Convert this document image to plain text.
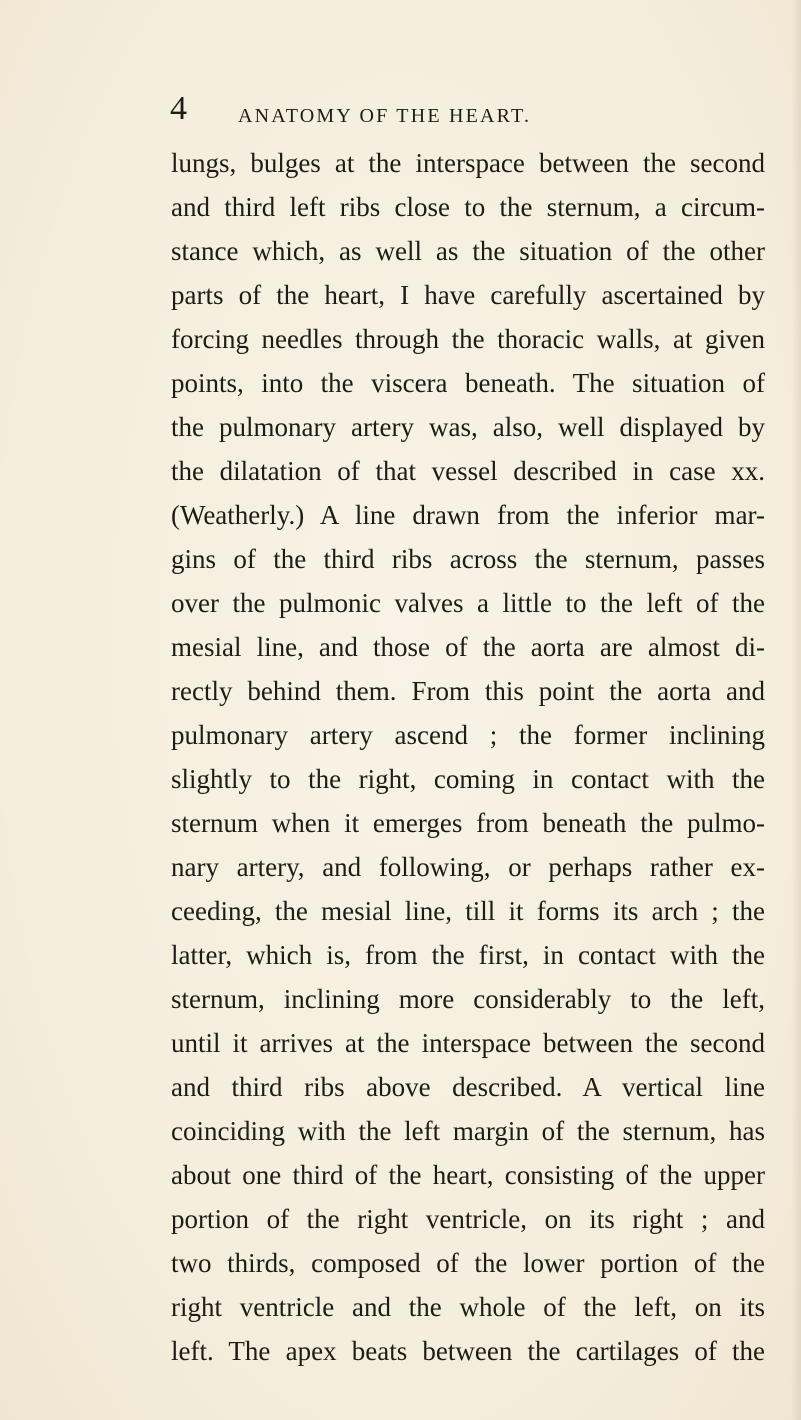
4	ANATOMY OF THE HEART.
lungs, bulges at the interspace between the second
and third left ribs close to the sternum, a circum-
stance which, as well as the situation of the other
parts of the heart, I have carefully ascertained by
forcing needles through the thoracic walls, at given
points, into the viscera beneath. The situation of
the pulmonary artery was, also, well displayed by
the dilatation of that vessel described in case xx.
(Weatherly.) A line drawn from the inferior mar-
gins of the third ribs across the sternum, passes
over the pulmonic valves a little to the left of the
mesial line, and those of the aorta are almost di-
rectly behind them. From this point the aorta and
pulmonary artery ascend ; the former inclining
slightly to the right, coming in contact with the
sternum when it emerges from beneath the pulmo-
nary artery, and following, or perhaps rather ex-
ceeding, the mesial line, till it forms its arch ; the
latter, which is, from the first, in contact with the
sternum, inclining more considerably to the left,
until it arrives at the interspace between the second
and third ribs above described. A vertical line
coinciding with the left margin of the sternum, has
about one third of the heart, consisting of the upper
portion of the right ventricle, on its right ; and
two thirds, composed of the lower portion of the
right ventricle and the whole of the left, on its
left. The apex beats between the cartilages of the
